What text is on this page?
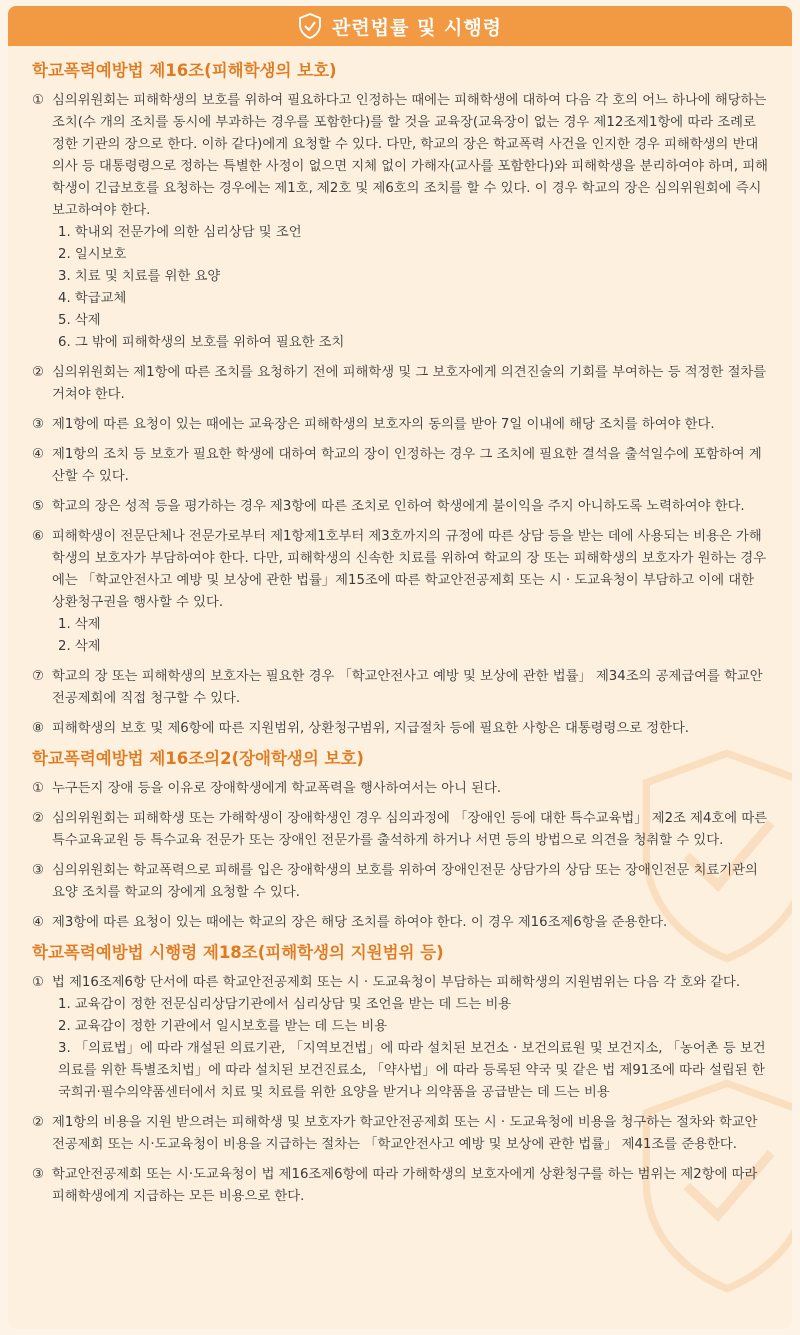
관련법률 및 시행령
학교폭력예방법 제16조(피해학생의 보호)
① 심의위원회는 피해학생의 보호를 위하여 필요하다고 인정하는 때에는 피해학생에 대하여 다음 각 호의 어느 하나에 해당하는 조치(수 개의 조치를 동시에 부과하는 경우를 포함한다)를 할 것을 교육장(교육장이 없는 경우 제12조제1항에 따라 조례로 정한 기관의 장으로 한다. 이하 같다)에게 요청할 수 있다. 다만, 학교의 장은 학교폭력 사건을 인지한 경우 피해학생의 반대의사 등 대통령령으로 정하는 특별한 사정이 없으면 지체 없이 가해자(교사를 포함한다)와 피해학생을 분리하여야 하며, 피해학생이 긴급보호를 요청하는 경우에는 제1호, 제2호 및 제6호의 조치를 할 수 있다. 이 경우 학교의 장은 심의위원회에 즉시 보고하여야 한다.
1. 학내외 전문가에 의한 심리상담 및 조언
2. 일시보호
3. 치료 및 치료를 위한 요양
4. 학급교체
5. 삭제
6. 그 밖에 피해학생의 보호를 위하여 필요한 조치
② 심의위원회는 제1항에 따른 조치를 요청하기 전에 피해학생 및 그 보호자에게 의견진술의 기회를 부여하는 등 적정한 절차를 거쳐야 한다.
③ 제1항에 따른 요청이 있는 때에는 교육장은 피해학생의 보호자의 동의를 받아 7일 이내에 해당 조치를 하여야 한다.
④ 제1항의 조치 등 보호가 필요한 학생에 대하여 학교의 장이 인정하는 경우 그 조치에 필요한 결석을 출석일수에 포함하여 계산할 수 있다.
⑤ 학교의 장은 성적 등을 평가하는 경우 제3항에 따른 조치로 인하여 학생에게 불이익을 주지 아니하도록 노력하여야 한다.
⑥ 피해학생이 전문단체나 전문가로부터 제1항제1호부터 제3호까지의 규정에 따른 상담 등을 받는 데에 사용되는 비용은 가해학생의 보호자가 부담하여야 한다. 다만, 피해학생의 신속한 치료를 위하여 학교의 장 또는 피해학생의 보호자가 원하는 경우에는 「학교안전사고 예방 및 보상에 관한 법률」제15조에 따른 학교안전공제회 또는 시 · 도교육청이 부담하고 이에 대한 상환청구권을 행사할 수 있다.
1. 삭제
2. 삭제
⑦ 학교의 장 또는 피해학생의 보호자는 필요한 경우 「학교안전사고 예방 및 보상에 관한 법률」 제34조의 공제급여를 학교안전공제회에 직접 청구할 수 있다.
⑧ 피해학생의 보호 및 제6항에 따른 지원범위, 상환청구범위, 지급절차 등에 필요한 사항은 대통령령으로 정한다.
학교폭력예방법 제16조의2(장애학생의 보호)
① 누구든지 장애 등을 이유로 장애학생에게 학교폭력을 행사하여서는 아니 된다.
② 심의위원회는 피해학생 또는 가해학생이 장애학생인 경우 심의과정에 「장애인 등에 대한 특수교육법」 제2조 제4호에 따른 특수교육교원 등 특수교육 전문가 또는 장애인 전문가를 출석하게 하거나 서면 등의 방법으로 의견을 청취할 수 있다.
③ 심의위원회는 학교폭력으로 피해를 입은 장애학생의 보호를 위하여 장애인전문 상담가의 상담 또는 장애인전문 치료기관의 요양 조치를 학교의 장에게 요청할 수 있다.
④ 제3항에 따른 요청이 있는 때에는 학교의 장은 해당 조치를 하여야 한다. 이 경우 제16조제6항을 준용한다.
학교폭력예방법 시행령 제18조(피해학생의 지원범위 등)
① 법 제16조제6항 단서에 따른 학교안전공제회 또는 시 · 도교육청이 부담하는 피해학생의 지원범위는 다음 각 호와 같다.
1. 교육감이 정한 전문심리상담기관에서 심리상담 및 조언을 받는 데 드는 비용
2. 교육감이 정한 기관에서 일시보호를 받는 데 드는 비용
3. 「의료법」에 따라 개설된 의료기관, 「지역보건법」에 따라 설치된 보건소 · 보건의료원 및 보건지소, 「농어촌 등 보건의료를 위한 특별조치법」에 따라 설치된 보건진료소, 「약사법」에 따라 등록된 약국 및 같은 법 제91조에 따라 설립된 한국희귀·필수의약품센터에서 치료 및 치료를 위한 요양을 받거나 의약품을 공급받는 데 드는 비용
② 제1항의 비용을 지원 받으려는 피해학생 및 보호자가 학교안전공제회 또는 시 · 도교육청에 비용을 청구하는 절차와 학교안전공제회 또는 시·도교육청이 비용을 지급하는 절차는 「학교안전사고 예방 및 보상에 관한 법률」 제41조를 준용한다.
③ 학교안전공제회 또는 시·도교육청이 법 제16조제6항에 따라 가해학생의 보호자에게 상환청구를 하는 범위는 제2항에 따라 피해학생에게 지급하는 모든 비용으로 한다.
